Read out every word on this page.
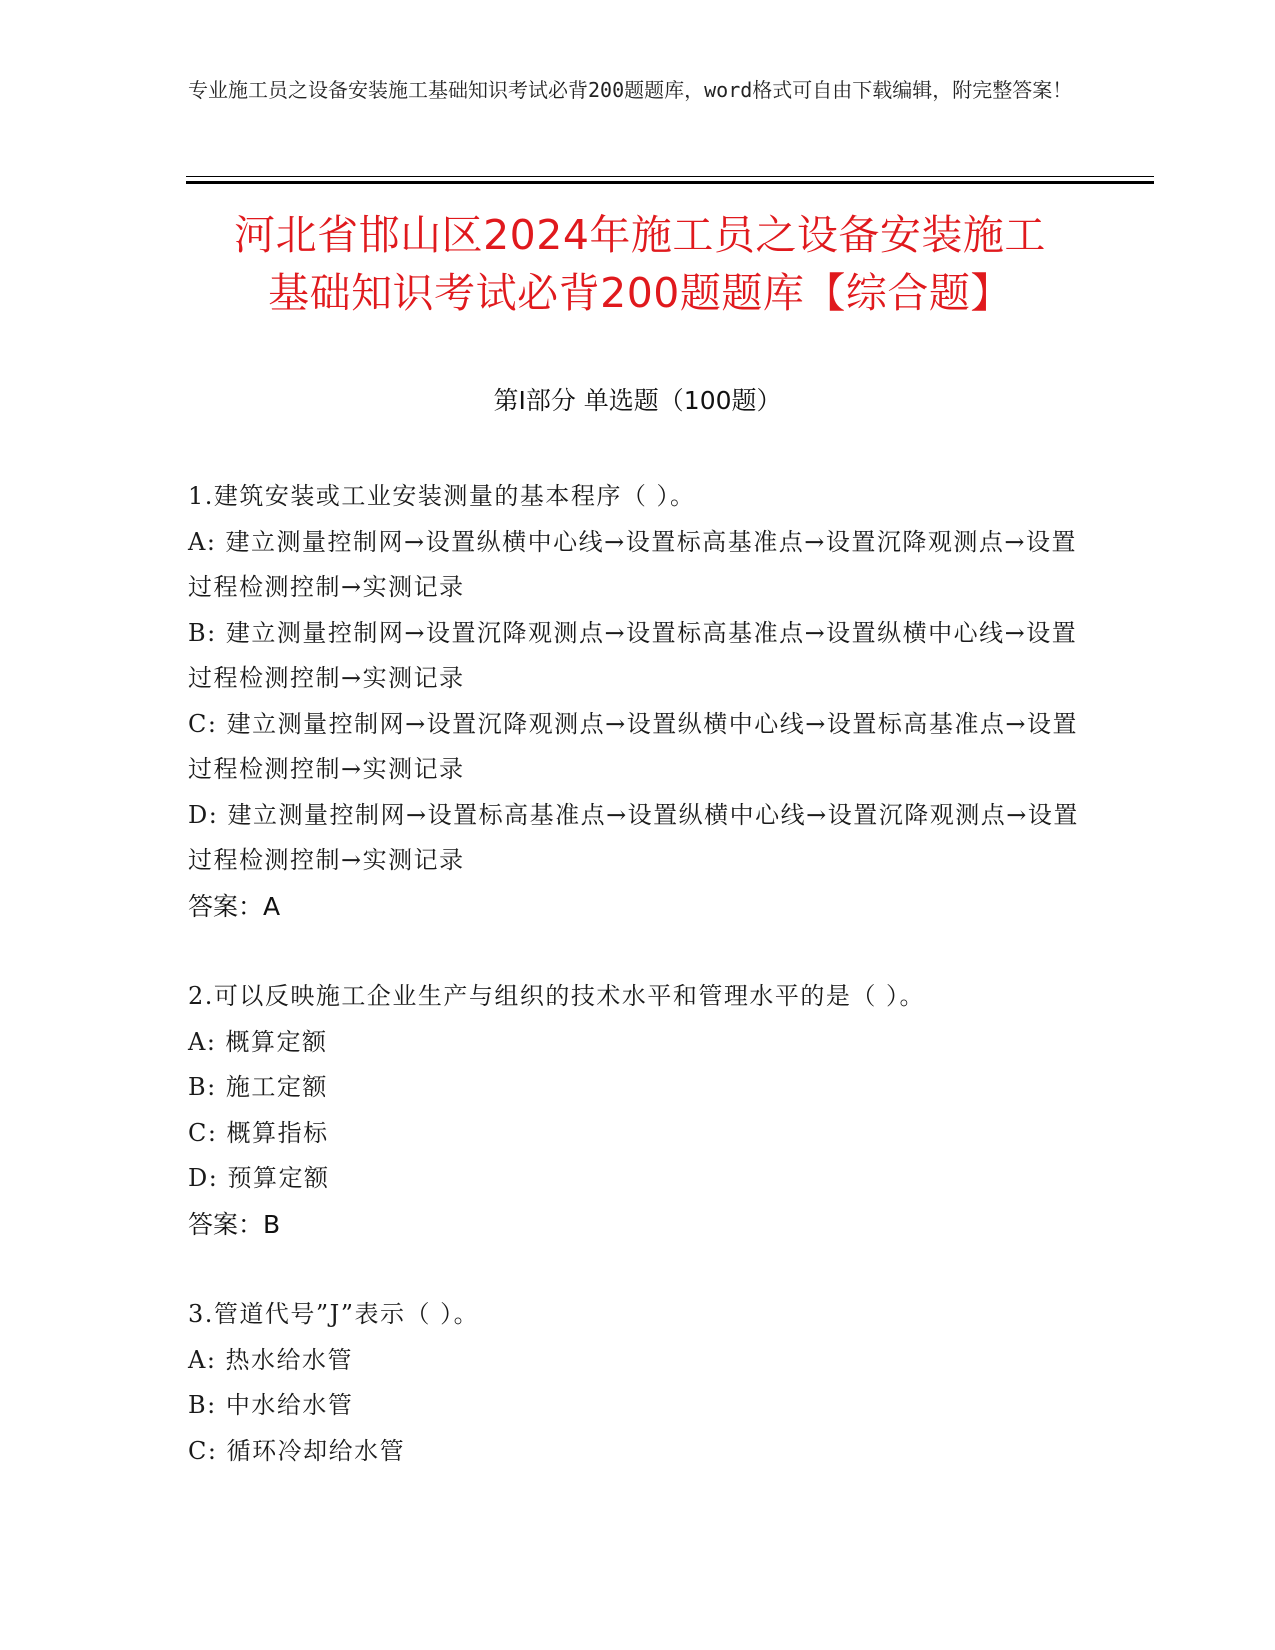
专业施工员之设备安装施工基础知识考试必背200题题库，word格式可自由下载编辑，附完整答案！
河北省邯山区2024年施工员之设备安装施工
基础知识考试必背200题题库【综合题】
第Ⅰ部分 单选题（100题）
1.建筑安装或工业安装测量的基本程序（ ）。
A: 建立测量控制网→设置纵横中心线→设置标高基准点→设置沉降观测点→设置过程检测控制→实测记录
B: 建立测量控制网→设置沉降观测点→设置标高基准点→设置纵横中心线→设置过程检测控制→实测记录
C: 建立测量控制网→设置沉降观测点→设置纵横中心线→设置标高基准点→设置过程检测控制→实测记录
D: 建立测量控制网→设置标高基准点→设置纵横中心线→设置沉降观测点→设置过程检测控制→实测记录
答案：A
2.可以反映施工企业生产与组织的技术水平和管理水平的是（ ）。
A: 概算定额
B: 施工定额
C: 概算指标
D: 预算定额
答案：B
3.管道代号”J”表示（ ）。
A: 热水给水管
B: 中水给水管
C: 循环冷却给水管
